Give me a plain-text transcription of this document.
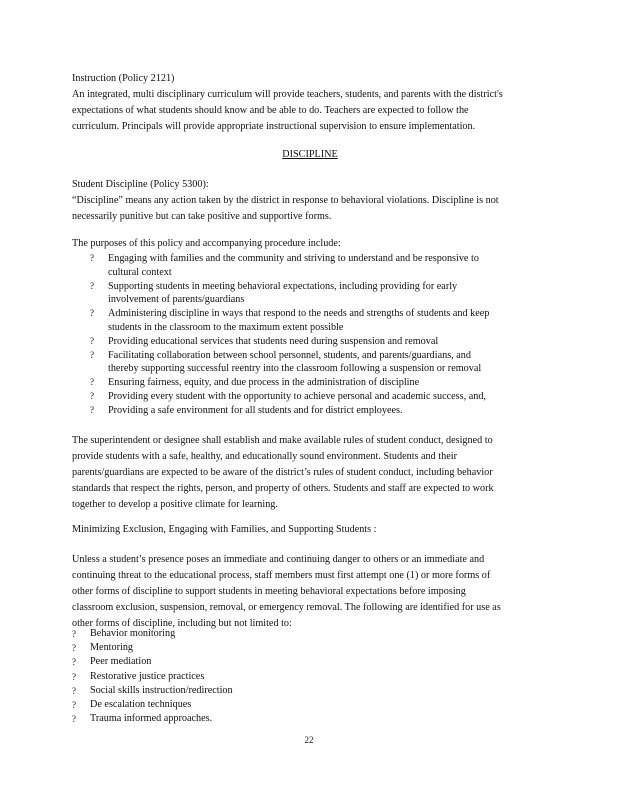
Instruction (Policy 2121)
An integrated, multi disciplinary curriculum will provide teachers, students, and parents with the district's
expectations of what students should know and be able to do. Teachers are expected to follow the
curriculum. Principals will provide appropriate instructional supervision to ensure implementation.
DISCIPLINE
Student Discipline (Policy 5300):
“Discipline” means any action taken by the district in response to behavioral violations. Discipline is not
necessarily punitive but can take positive and supportive forms.
The purposes of this policy and accompanying procedure include:
?	Engaging with families and the community and striving to understand and be responsive to
cultural context
?	Supporting students in meeting behavioral expectations, including providing for early
involvement of parents/guardians
?	Administering discipline in ways that respond to the needs and strengths of students and keep
students in the classroom to the maximum extent possible
?	Providing educational services that students need during suspension and removal
?	Facilitating collaboration between school personnel, students, and parents/guardians, and
thereby supporting successful reentry into the classroom following a suspension or removal
?	Ensuring fairness, equity, and due process in the administration of discipline
?	Providing every student with the opportunity to achieve personal and academic success, and,
?	Providing a safe environment for all students and for district employees.
The superintendent or designee shall establish and make available rules of student conduct, designed to
provide students with a safe, healthy, and educationally sound environment. Students and their
parents/guardians are expected to be aware of the district’s rules of student conduct, including behavior
standards that respect the rights, person, and property of others. Students and staff are expected to work
together to develop a positive climate for learning.
Minimizing Exclusion, Engaging with Families, and Supporting Students :
Unless a student’s presence poses an immediate and continuing danger to others or an immediate and
continuing threat to the educational process, staff members must first attempt one (1) or more forms of
other forms of discipline to support students in meeting behavioral expectations before imposing
classroom exclusion, suspension, removal, or emergency removal. The following are identified for use as
other forms of discipline, including but not limited to:
?	Behavior monitoring
?	Mentoring
?	Peer mediation
?	Restorative justice practices
?	Social skills instruction/redirection
?	De escalation techniques
?	Trauma informed approaches.
22
